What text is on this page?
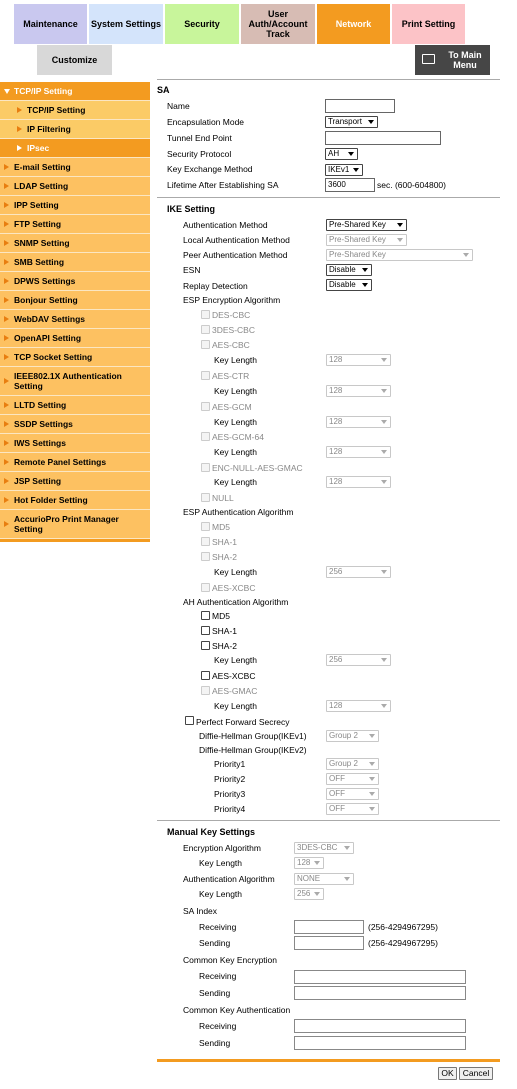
Maintenance	System Settings	Security
User Auth/Account Track
Network	Print Setting
Customize	To Main Menu
TCP/IP Setting
TCP/IP Setting
IP Filtering
IPsec
E-mail Setting
LDAP Setting
IPP Setting
FTP Setting
SNMP Setting
SMB Setting
DPWS Settings
Bonjour Setting
WebDAV Settings
OpenAPI Setting
TCP Socket Setting
IEEE802.1X Authentication Setting
LLTD Setting
SSDP Settings
IWS Settings
Remote Panel Settings
JSP Setting
Hot Folder Setting
AccurioPro Print Manager Setting
SA
Name
Encapsulation Mode	Transport
Tunnel End Point
Security Protocol	AH
Key Exchange Method	IKEv1
Lifetime After Establishing SA	3600	sec. (600-604800)
IKE Setting
Authentication Method	Pre-Shared Key
Local Authentication Method	Pre-Shared Key
Peer Authentication Method	Pre-Shared Key
ESN	Disable
Replay Detection	Disable
ESP Encryption Algorithm
DES-CBC
3DES-CBC
AES-CBC
Key Length	128
AES-CTR
Key Length	128
AES-GCM
Key Length	128
AES-GCM-64
Key Length	128
ENC-NULL-AES-GMAC
Key Length	128
NULL
ESP Authentication Algorithm
MD5
SHA-1
SHA-2
Key Length	256
AES-XCBC
AH Authentication Algorithm
MD5
SHA-1
SHA-2
Key Length	256
AES-XCBC
AES-GMAC
Key Length	128
Perfect Forward Secrecy
Diffie-Hellman Group(IKEv1)	Group 2
Diffie-Hellman Group(IKEv2)
Priority1	Group 2
Priority2	OFF
Priority3	OFF
Priority4	OFF
Manual Key Settings
Encryption Algorithm	3DES-CBC
Key Length	128
Authentication Algorithm	NONE
Key Length	256
SA Index
Receiving	(256-4294967295)
Sending	(256-4294967295)
Common Key Encryption
Receiving
Sending
Common Key Authentication
Receiving
Sending
OK	Cancel
